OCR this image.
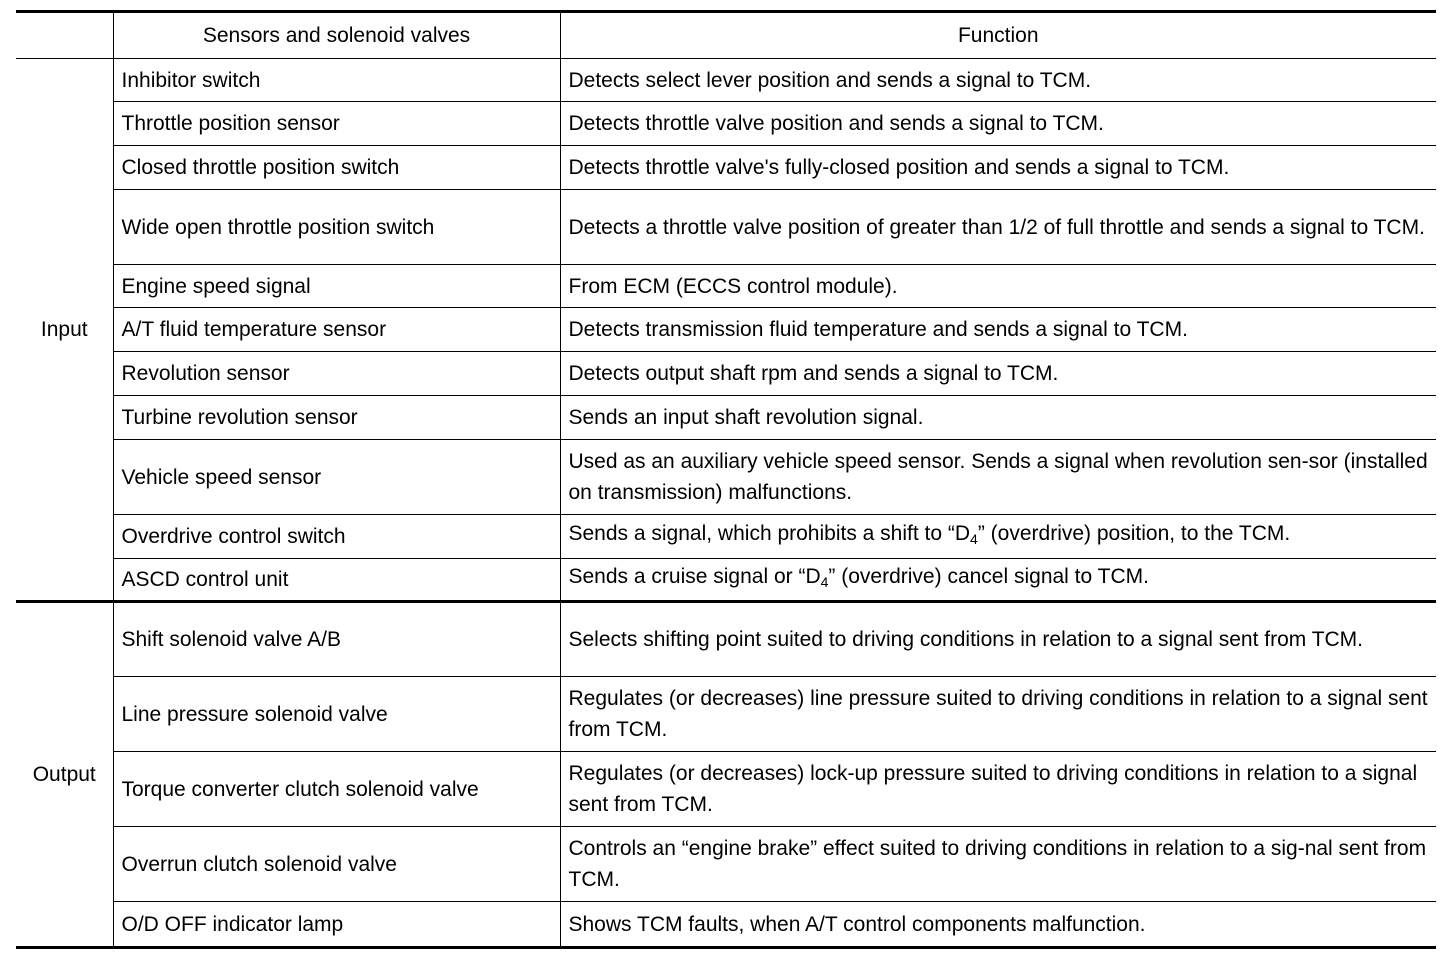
	Sensors and solenoid valves	Function
Input	Inhibitor switch	Detects select lever position and sends a signal to TCM.
	Throttle position sensor	Detects throttle valve position and sends a signal to TCM.
	Closed throttle position switch	Detects throttle valve's fully-closed position and sends a signal to TCM.
	Wide open throttle position switch	Detects a throttle valve position of greater than 1/2 of full throttle and sends a signal to TCM.
	Engine speed signal	From ECM (ECCS control module).
	A/T fluid temperature sensor	Detects transmission fluid temperature and sends a signal to TCM.
	Revolution sensor	Detects output shaft rpm and sends a signal to TCM.
	Turbine revolution sensor	Sends an input shaft revolution signal.
	Vehicle speed sensor	Used as an auxiliary vehicle speed sensor. Sends a signal when revolution sen-sor (installed on transmission) malfunctions.
	Overdrive control switch	Sends a signal, which prohibits a shift to “$D_4$” (overdrive) position, to the TCM.
	ASCD control unit	Sends a cruise signal or “$D_4$” (overdrive) cancel signal to TCM.
Output	Shift solenoid valve A/B	Selects shifting point suited to driving conditions in relation to a signal sent from TCM.
	Line pressure solenoid valve	Regulates (or decreases) line pressure suited to driving conditions in relation to a signal sent from TCM.
	Torque converter clutch solenoid valve	Regulates (or decreases) lock-up pressure suited to driving conditions in relation to a signal sent from TCM.
	Overrun clutch solenoid valve	Controls an “engine brake” effect suited to driving conditions in relation to a sig-nal sent from TCM.
	O/D OFF indicator lamp	Shows TCM faults, when A/T control components malfunction.
